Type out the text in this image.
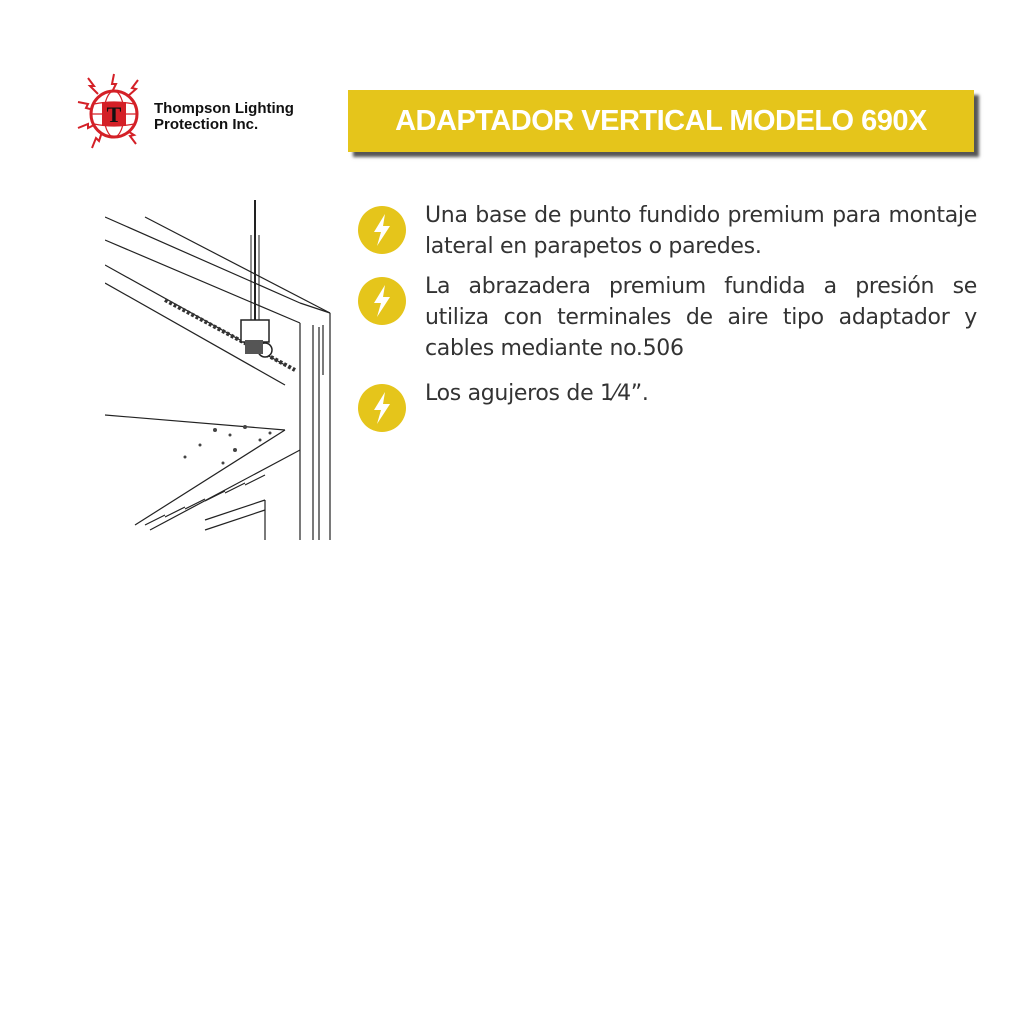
T Thompson Lighting
Protection Inc.	ADAPTADOR VERTICAL MODELO 690X

Una base de punto fundido premium para montaje lateral en parapetos o paredes.

La abrazadera premium fundida a presión se utiliza con terminales de aire tipo adaptador y cables mediante no.506

Los agujeros de 1⁄4”.
